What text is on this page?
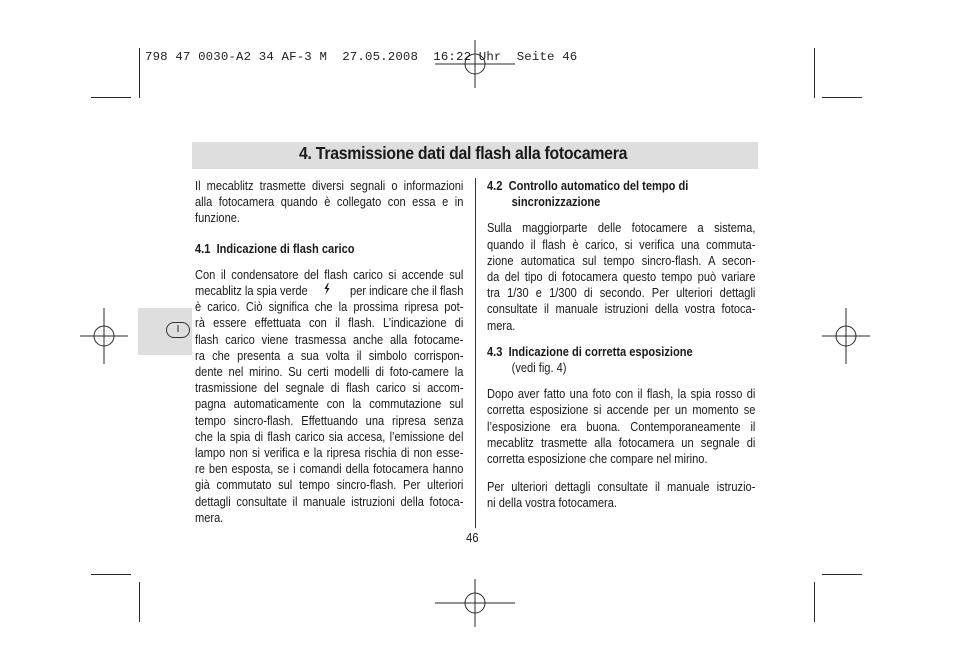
798 47 0030-A2 34 AF-3 M  27.05.2008  16:22 Uhr  Seite 46

4. Trasmissione dati dal flash alla fotocamera
I

Il mecablitz trasmette diversi segnali o informazioni
alla fotocamera quando è collegato con essa e in
funzione.

4.1  Indicazione di flash carico

Con il condensatore del flash carico si accende sul
mecablitz la spia verde	per indicare che il flash
è carico. Ciò significa che la prossima ripresa pot-
rà essere effettuata con il flash. L’indicazione di
flash carico viene trasmessa anche alla fotocame-
ra che presenta a sua volta il simbolo corrispon-
dente nel mirino. Su certi modelli di foto-camere la
trasmissione del segnale di flash carico si accom-
pagna automaticamente con la commutazione sul
tempo sincro-flash. Effettuando una ripresa senza
che la spia di flash carico sia accesa, l’emissione del
lampo non si verifica e la ripresa rischia di non esse-
re ben esposta, se i comandi della fotocamera hanno
già commutato sul tempo sincro-flash. Per ulteriori
dettagli consultate il manuale istruzioni della fotoca-
mera.

4.2  Controllo automatico del tempo di
sincronizzazione

Sulla maggiorparte delle fotocamere a sistema,
quando il flash è carico, si verifica una commuta-
zione automatica sul tempo sincro-flash. A secon-
da del tipo di fotocamera questo tempo può variare
tra 1/30 e 1/300 di secondo. Per ulteriori dettagli
consultate il manuale istruzioni della vostra fotoca-
mera.

4.3  Indicazione di corretta esposizione

(vedi fig. 4)

Dopo aver fatto una foto con il flash, la spia rosso di
corretta esposizione si accende per un momento se
l’esposizione era buona. Contemporaneamente il
mecablitz trasmette alla fotocamera un segnale di
corretta esposizione che compare nel mirino.

Per ulteriori dettagli consultate il manuale istruzio-
ni della vostra fotocamera.

46
